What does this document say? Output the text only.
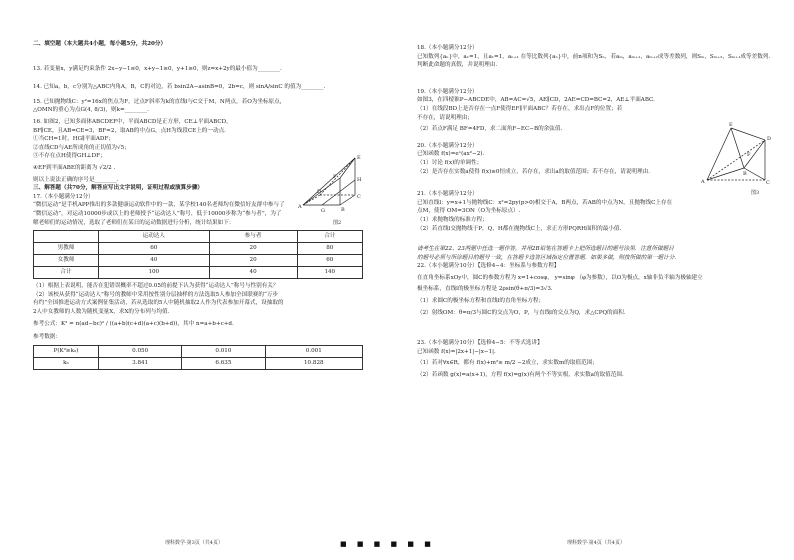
二、填空题（本大题共4小题，每小题5分，共20分）

13. 若变量x，y满足约束条件 2x−y−1≤0,  x+y−1≥0,  y+1≥0,  则z=x+2y的最小值为________.

14. 已知a，b，c分别为△ABC内角A，B，C的对边，若 bsin2A−asinB=0，2b=c，则 sinA/sinC 的值为________.

15. 已知抛物线C：y²=16x的焦点为F，过点F斜率为k的直线l与C交于M，N两点，若O为坐标原点，

△OMN的重心为点G(4, 8/3)，则k=________.

16. 如图2，已知多面体ABCDEF中，平面ABCD是正方形，CE⊥平面ABCD，

BF∥CE，且AB=CE=3，BF=2，取AB的中点G，点H为线段CE上的一动点.

①当CH=1时，HG∥平面ADF；

②直线CD与AE所成角的正切值为√5；

③不存在点H使得GH⊥DF；

④EF到平面ABE的距离为 √2/2 .

则以上说法正确的序号是________.

三、解答题（共70分，解答应写出文字说明，证明过程或演算步骤）

17.（本小题满分12分）

“微信运动”是手机APP推出的多款健康运动软件中的一款，某学校140名老师均在微信好友群中参与了

“微信运动”，对运动10000步或以上的老师授予“运动达人”称号，低于10000步称为“参与者”，为了

解老师们的运动情况，选取了老师们在某日的运动数据进行分析，统计结果如下：

	运动达人	参与者	合计
男教师	60	20	80
女教师	40	20	60
合计	100	40	140

（1）根据上表说明，能否在犯错误概率不超过0.05的前提下认为获得“运动达人”称号与性别有关？

（2）该校从获得“运动达人”称号的教师中采用按性别分层抽样的方法选取5人参加全国联赛的“万步

有约”全国推进运动方式案例征集活动，若从选取的5人中随机抽取2人作为代表参加开幕式，设抽取的

2人中女教师的人数为随机变量X，求X的分布列与均值.

参考公式：K² = n(ad−bc)² / ((a+b)(c+d)(a+c)(b+d))，其中 n=a+b+c+d.

参考数据：

P(K²≥k₀)	0.050	0.010	0.001
k₀	3.841	6.635	10.828
A	B
C
D
E
F
G
H
图2
理科数学·第3页（共4页）

18.（本小题满分12分）

已知数列{aₙ}中，a₁=1，且a₁=1，aₙ₊₁ 在等比数列{aₙ}中，前n项和为Sₙ，若aₘ，aₘ₊₁，aₘ₊₂成等差数列，则Sₘ，Sₘ₊₂，Sₘ₊₁成等差数列.

判断此命题的真假，并说明理由.

19.（本小题满分12分）

如图3，在四棱锥P−ABCDE中，AB=AC=√5，AE∥CD，2AE=CD=BC=2，AE⊥平面ABC.

（1）在线段BD上是否存在一点F使得EF∥平面ABC？若存在，求出点F的位置；若

不存在，请说明理由；

（2）若点F满足 BF=4FD，求二面角F−EC−B的余弦值.

20.（本小题满分12分）

已知函数 f(x)=eˣ(ax²−2).

（1）讨论 f(x)的单调性；

（2）是否存在实数a使得 f(x)≥0恒成立，若存在，求出a的取值范围；若不存在，请说明理由.

21.（本小题满分12分）

已知直线l：y=x+1与抛物线C：x²=2py(p>0)相交于A，B两点，若AB的中点为N，且抛物线C上存在

点M，使得 OM=3ON（O为坐标原点）.

（1）求抛物线的标准方程；

（2）若直线l交抛物线于P，Q，H都在抛物线C上，求正方形PQRH面积的最小值.

请考生在第22、23两题中任选一题作答，并用2B铅笔在答题卡上把所选题目的题号涂黑．注意所做题目

的题号必须与所涂题目的题号一致，在答题卡选答区域指定位置答题．如果多做，则按所做的第一题计分.

22.（本小题满分10分）【选修4−4：坐标系与参数方程】

在直角坐标系xOy中，圆C的参数方程为 x=1+cosφ， y=sinφ （φ为参数），以O为极点，x轴非负半轴为极轴建立

极坐标系，直线l的极坐标方程是 2ρsin(θ+π/3)=3√3.

（1）求圆C的极坐标方程和直线l的直角坐标方程；

（2）射线OM：θ=π/3与圆C的交点为O，P，与直线l的交点为Q，求△CPQ的面积.

23.（本小题满分10分）【选修4−5：不等式选讲】

已知函数 f(x)=|2x+1|−|x−1|.

（1）若对∀x∈R，都有 f(x)+m²≥ m/2 −2成立，求实数m的取值范围；

（2）若函数 g(x)=a(x+1)，方程 f(x)=g(x)有两个不等实根，求实数a的取值范围.

A
B
C
D
E
F
图3
理科数学·第4页（共4页）
■ ■ ■ ■ ■ ■
